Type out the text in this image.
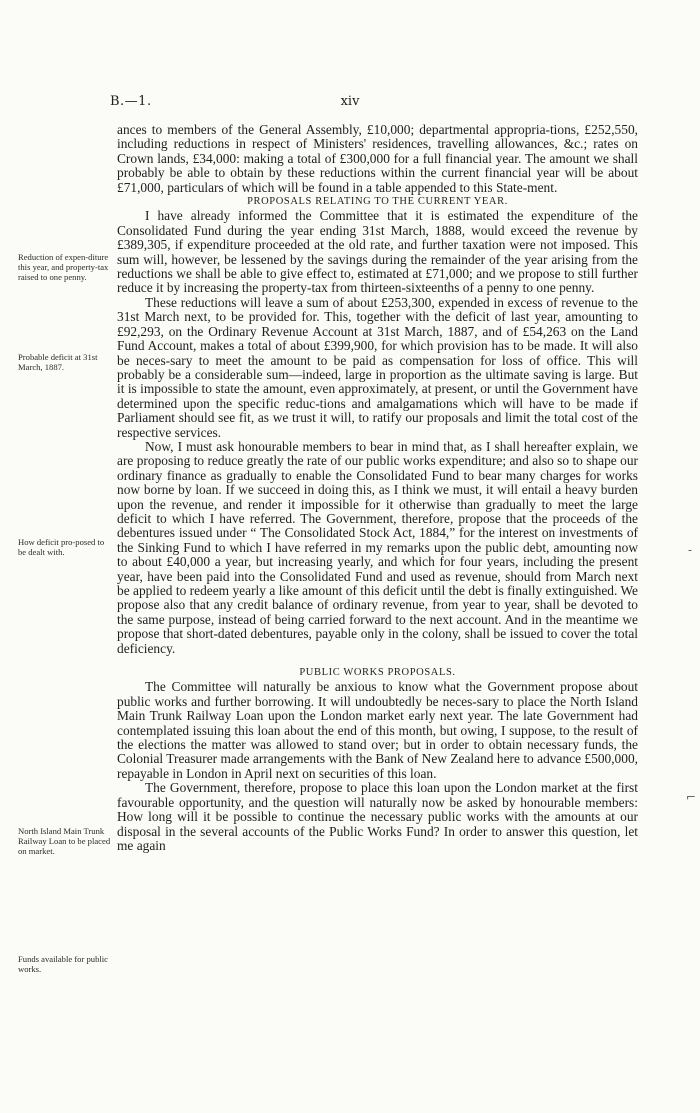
B.—1.	xiv
Reduction of expen-diture this year, and property-tax raised to one penny.
Probable deficit at 31st March, 1887.
How deficit pro-posed to be dealt with.
North Island Main Trunk Railway Loan to be placed on market.
Funds available for public works.
‑
⌐

ances to members of the General Assembly, £10,000; departmental appropria-tions, £252,550, including reductions in respect of Ministers' residences, travelling allowances, &c.; rates on Crown lands, £34,000: making a total of £300,000 for a full financial year. The amount we shall probably be able to obtain by these reductions within the current financial year will be about £71,000, particulars of which will be found in a table appended to this State-ment.

PROPOSALS RELATING TO THE CURRENT YEAR.

I have already informed the Committee that it is estimated the expenditure of the Consolidated Fund during the year ending 31st March, 1888, would exceed the revenue by £389,305, if expenditure proceeded at the old rate, and further taxation were not imposed. This sum will, however, be lessened by the savings during the remainder of the year arising from the reductions we shall be able to give effect to, estimated at £71,000; and we propose to still further reduce it by increasing the property-tax from thirteen-sixteenths of a penny to one penny.

These reductions will leave a sum of about £253,300, expended in excess of revenue to the 31st March next, to be provided for. This, together with the deficit of last year, amounting to £92,293, on the Ordinary Revenue Account at 31st March, 1887, and of £54,263 on the Land Fund Account, makes a total of about £399,900, for which provision has to be made. It will also be neces-sary to meet the amount to be paid as compensation for loss of office. This will probably be a considerable sum—indeed, large in proportion as the ultimate saving is large. But it is impossible to state the amount, even approximately, at present, or until the Government have determined upon the specific reduc-tions and amalgamations which will have to be made if Parliament should see fit, as we trust it will, to ratify our proposals and limit the total cost of the respective services.

Now, I must ask honourable members to bear in mind that, as I shall hereafter explain, we are proposing to reduce greatly the rate of our public works expenditure; and also so to shape our ordinary finance as gradually to enable the Consolidated Fund to bear many charges for works now borne by loan. If we succeed in doing this, as I think we must, it will entail a heavy burden upon the revenue, and render it impossible for it otherwise than gradually to meet the large deficit to which I have referred. The Government, therefore, propose that the proceeds of the debentures issued under “ The Consolidated Stock Act, 1884,” for the interest on investments of the Sinking Fund to which I have referred in my remarks upon the public debt, amounting now to about £40,000 a year, but increasing yearly, and which for four years, including the present year, have been paid into the Consolidated Fund and used as revenue, should from March next be applied to redeem yearly a like amount of this deficit until the debt is finally extinguished. We propose also that any credit balance of ordinary revenue, from year to year, shall be devoted to the same purpose, instead of being carried forward to the next account. And in the meantime we propose that short-dated debentures, payable only in the colony, shall be issued to cover the total deficiency.

PUBLIC WORKS PROPOSALS.

The Committee will naturally be anxious to know what the Government propose about public works and further borrowing. It will undoubtedly be neces-sary to place the North Island Main Trunk Railway Loan upon the London market early next year. The late Government had contemplated issuing this loan about the end of this month, but owing, I suppose, to the result of the elections the matter was allowed to stand over; but in order to obtain necessary funds, the Colonial Treasurer made arrangements with the Bank of New Zealand here to advance £500,000, repayable in London in April next on securities of this loan.

The Government, therefore, propose to place this loan upon the London market at the first favourable opportunity, and the question will naturally now be asked by honourable members: How long will it be possible to continue the necessary public works with the amounts at our disposal in the several accounts of the Public Works Fund? In order to answer this question, let me again
